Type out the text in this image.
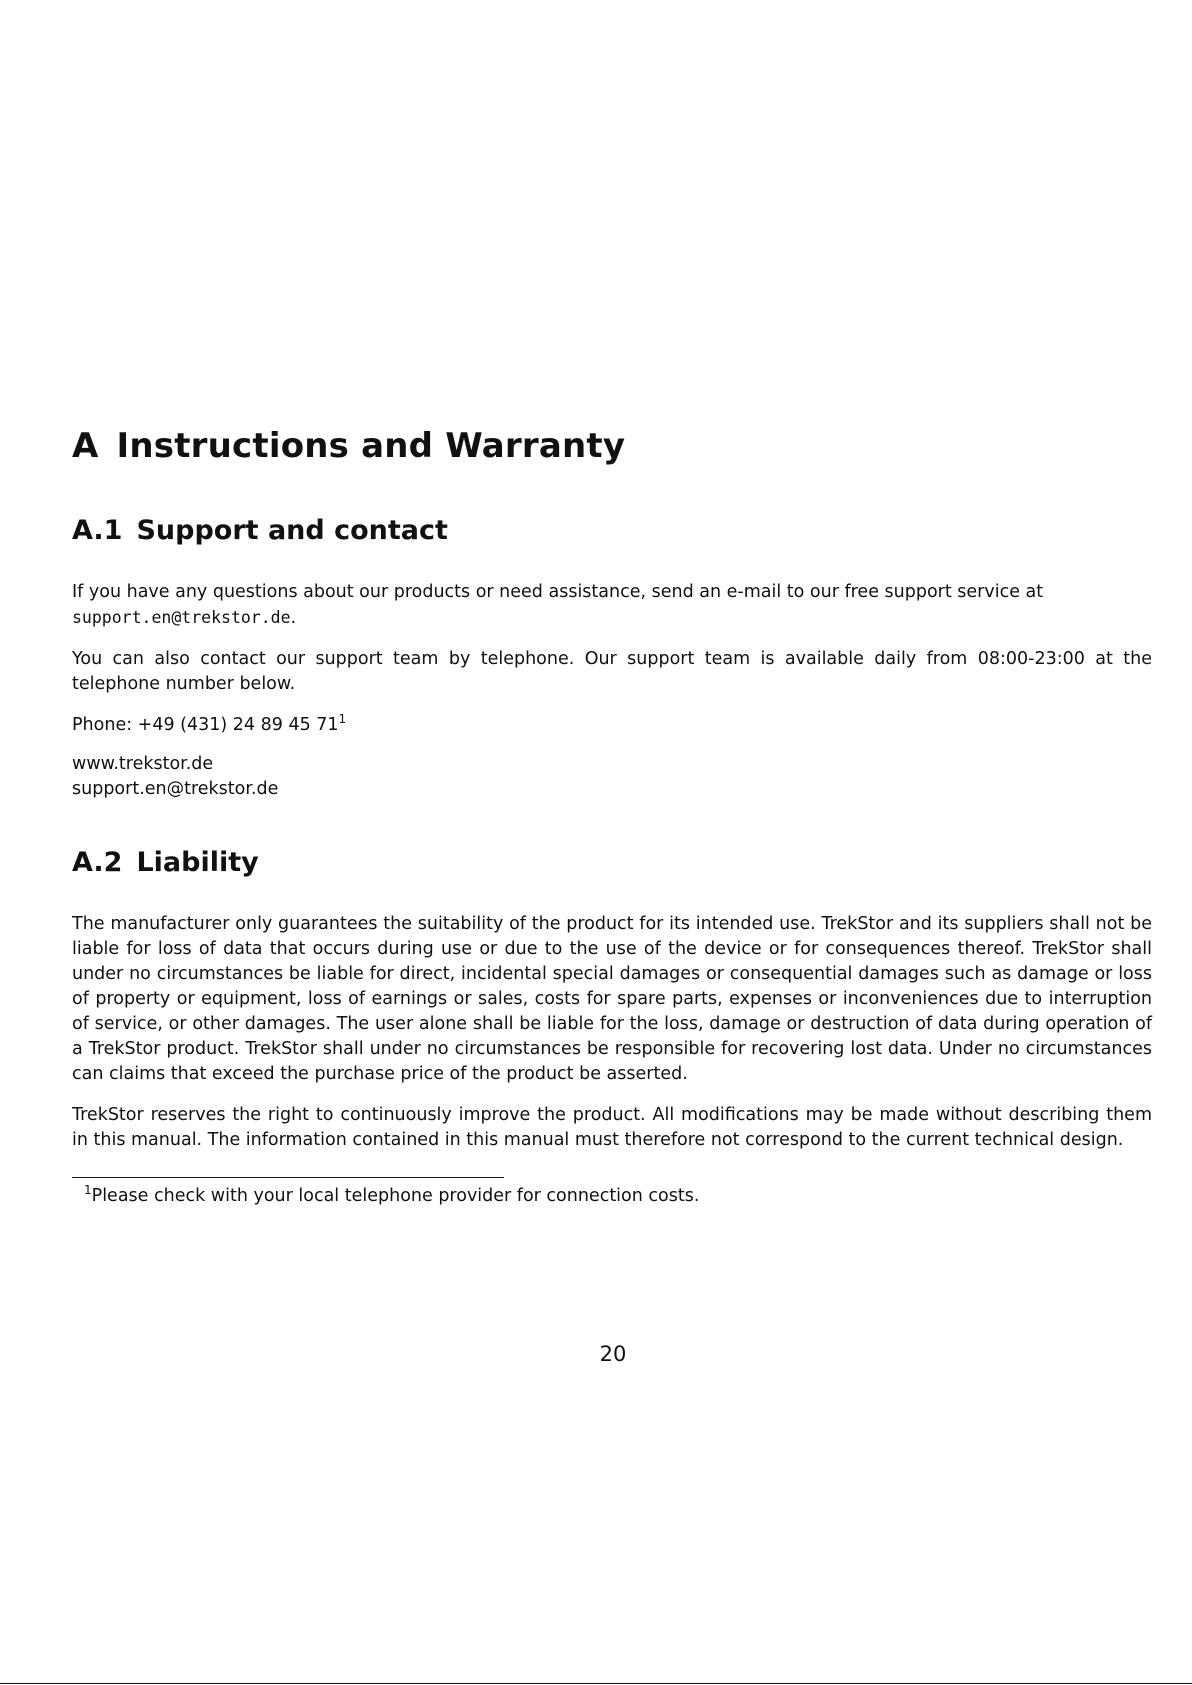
A Instructions and Warranty
A.1 Support and contact

If you have any questions about our products or need assistance, send an e-mail to our free support service at
support.en@trekstor.de.

You can also contact our support team by telephone. Our support team is available daily from 08:00-23:00 at the telephone number below.

Phone: +49 (431) 24 89 45 $71^1$

www.trekstor.de
support.en@trekstor.de

A.2 Liability

The manufacturer only guarantees the suitability of the product for its intended use. TrekStor and its suppliers shall not be liable for loss of data that occurs during use or due to the use of the device or for consequences thereof. TrekStor shall under no circumstances be liable for direct, incidental special damages or consequential damages such as damage or loss of property or equipment, loss of earnings or sales, costs for spare parts, expenses or inconveniences due to interruption of service, or other damages. The user alone shall be liable for the loss, damage or destruction of data during operation of a TrekStor product. TrekStor shall under no circumstances be responsible for recovering lost data. Under no circumstances can claims that exceed the purchase price of the product be asserted.

TrekStor reserves the right to continuously improve the product. All modifications may be made without describing them in this manual. The information contained in this manual must therefore not correspond to the current technical design.

$^1$Please check with your local telephone provider for connection costs.
20
